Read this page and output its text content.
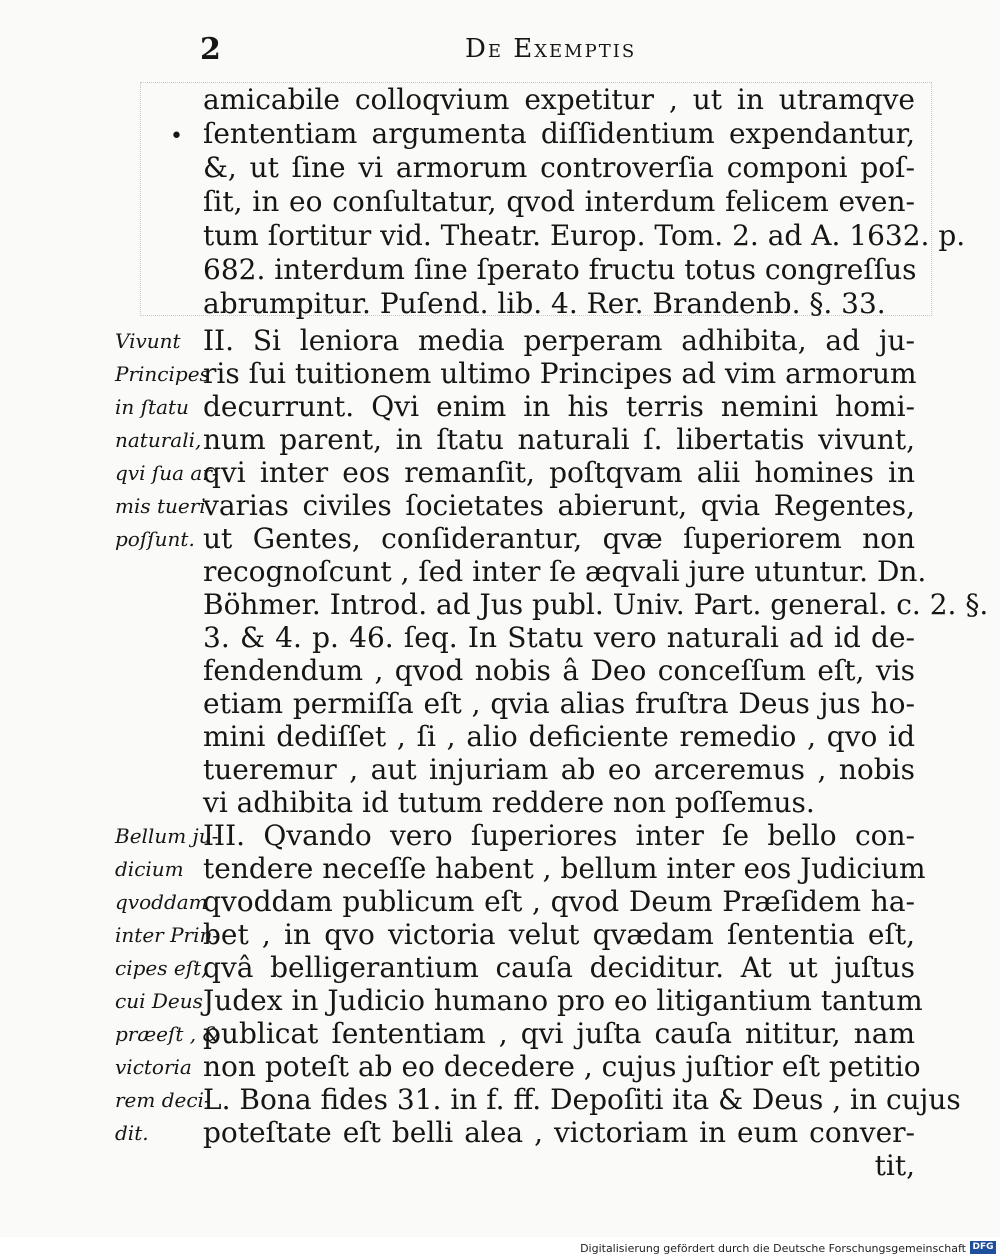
2	De Exemptis
•
amicabile colloqvium expetitur , ut in utramqve
ſententiam argumenta diſſidentium expendantur,
&, ut ſine vi armorum controverſia componi poſ-
ſit, in eo conſultatur, qvod interdum felicem even-
tum ſortitur vid. Theatr. Europ. Tom. 2. ad A. 1632. p.
682. interdum ſine ſperato fructu totus congreſſus
abrumpitur. Puſend. lib. 4. Rer. Brandenb. §. 33.
II. Si leniora media perperam adhibita, ad ju-
ris ſui tuitionem ultimo Principes ad vim armorum
decurrunt. Qvi enim in his terris nemini homi-
num parent, in ſtatu naturali ſ. libertatis vivunt,
qvi inter eos remanſit, poſtqvam alii homines in
varias civiles ſocietates abierunt, qvia Regentes,
ut Gentes, conſiderantur, qvæ ſuperiorem non
recognoſcunt , ſed inter ſe æqvali jure utuntur. Dn.
Böhmer. Introd. ad Jus publ. Univ. Part. general. c. 2. §.
3. & 4. p. 46. ſeq. In Statu vero naturali ad id de-
fendendum , qvod nobis â Deo conceſſum eſt, vis
etiam permiſſa eſt , qvia alias fruſtra Deus jus ho-
mini dediſſet , ſi , alio deficiente remedio , qvo id
tueremur , aut injuriam ab eo arceremus , nobis
vi adhibita id tutum reddere non poſſemus.
III. Qvando vero ſuperiores inter ſe bello con-
tendere neceſſe habent , bellum inter eos Judicium
qvoddam publicum eſt , qvod Deum Præſidem ha-
bet , in qvo victoria velut qvædam ſententia eſt,
qvâ belligerantium cauſa deciditur. At ut juſtus
Judex in Judicio humano pro eo litigantium tantum
publicat ſententiam , qvi juſta cauſa nititur, nam
non poteſt ab eo decedere , cujus juſtior eſt petitio
L. Bona fides 31. in f. ff. Depoſiti ita & Deus , in cujus
poteſtate eſt belli alea , victoriam in eum conver-
tit,
Vivunt
Principes
in ſtatu
naturali,
qvi ſua ar-
mis tueri
poſſunt.
Bellum ju-
dicium
qvoddam
inter Prin-
cipes eſt,
cui Deus
præeſt , &
victoria
rem deci-
dit.
Digitalisierung gefördert durch die Deutsche Forschungsgemeinschaft DFG
